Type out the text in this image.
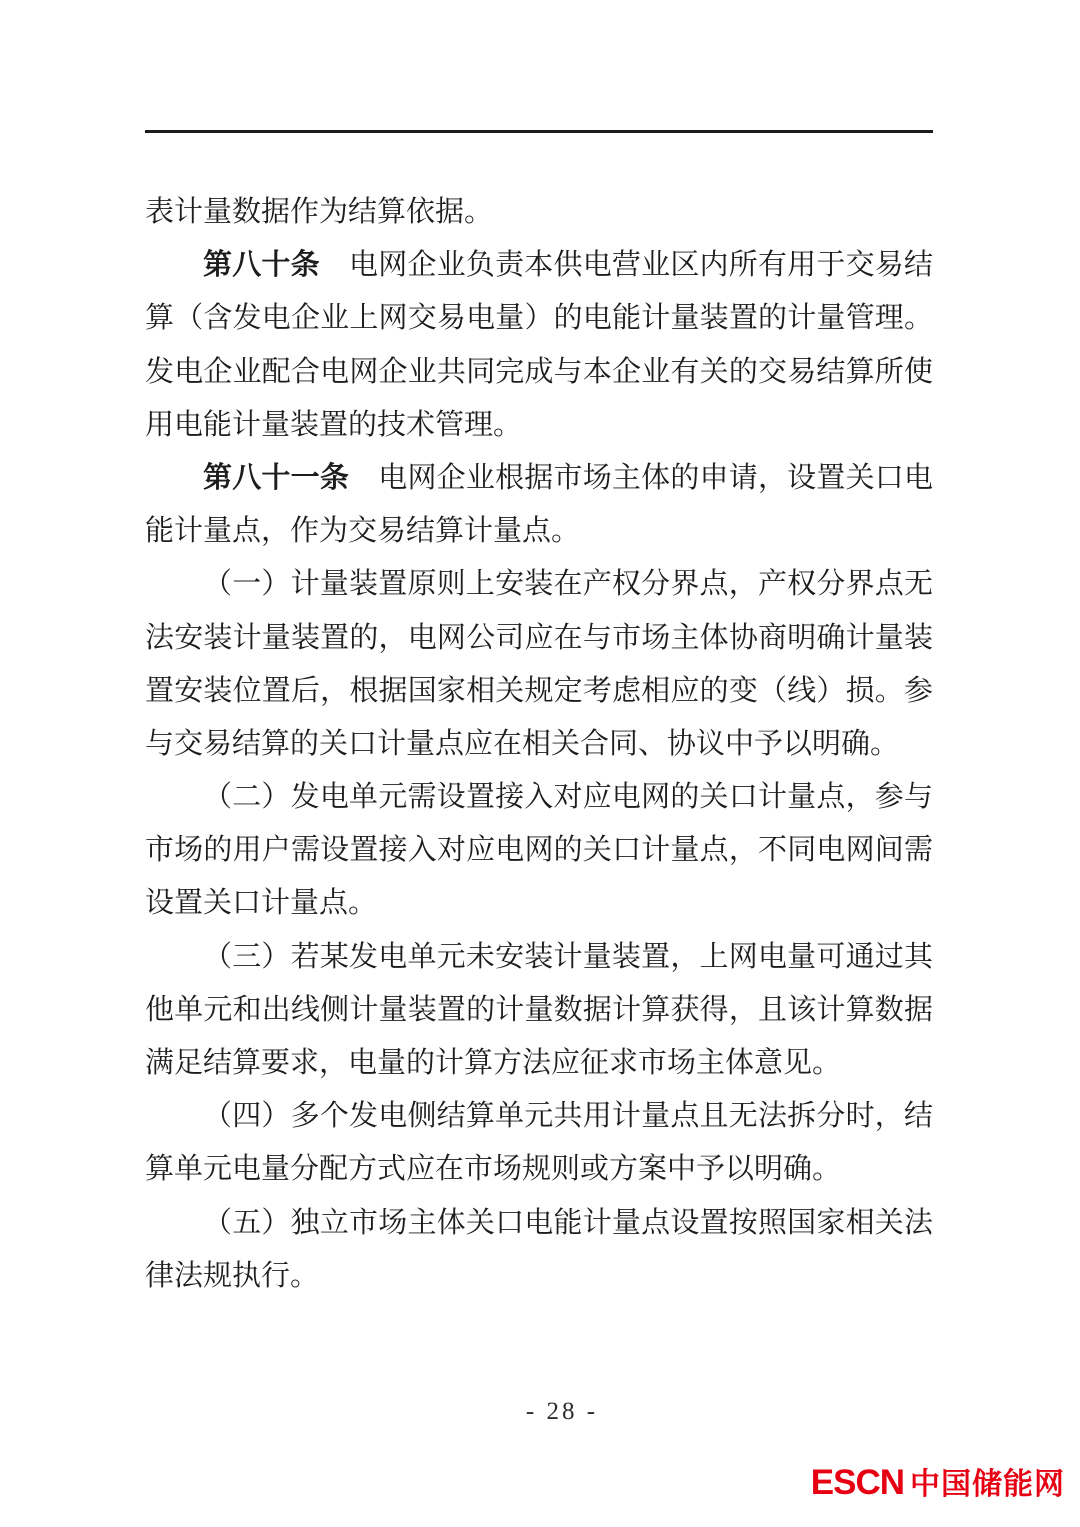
表计量数据作为结算依据。
第八十条　电网企业负责本供电营业区内所有用于交易结
算（含发电企业上网交易电量）的电能计量装置的计量管理。
发电企业配合电网企业共同完成与本企业有关的交易结算所使
用电能计量装置的技术管理。
第八十一条　电网企业根据市场主体的申请，设置关口电
能计量点，作为交易结算计量点。
（一）计量装置原则上安装在产权分界点，产权分界点无
法安装计量装置的，电网公司应在与市场主体协商明确计量装
置安装位置后，根据国家相关规定考虑相应的变（线）损。参
与交易结算的关口计量点应在相关合同、协议中予以明确。
（二）发电单元需设置接入对应电网的关口计量点，参与
市场的用户需设置接入对应电网的关口计量点，不同电网间需
设置关口计量点。
（三）若某发电单元未安装计量装置，上网电量可通过其
他单元和出线侧计量装置的计量数据计算获得，且该计算数据
满足结算要求，电量的计算方法应征求市场主体意见。
（四）多个发电侧结算单元共用计量点且无法拆分时，结
算单元电量分配方式应在市场规则或方案中予以明确。
（五）独立市场主体关口电能计量点设置按照国家相关法
律法规执行。
- 28 -
ESCN 中国储能网
